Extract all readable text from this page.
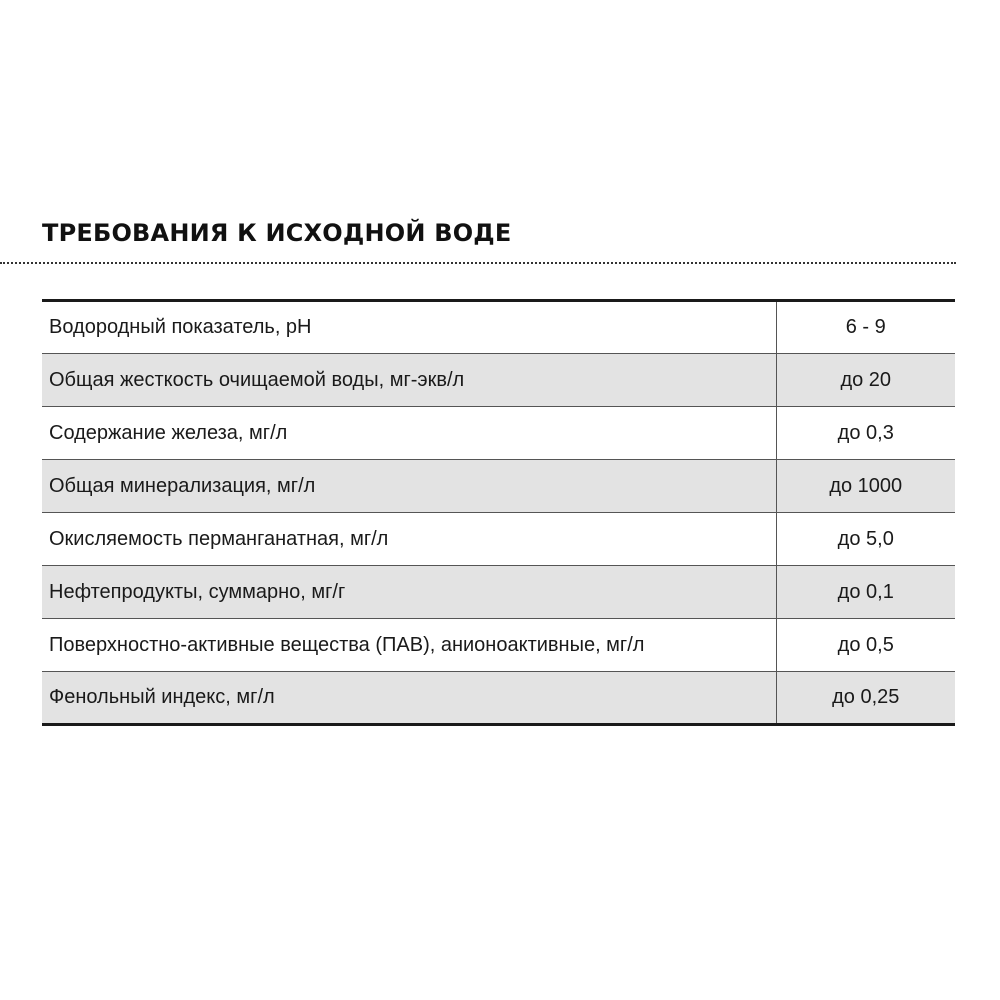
ТРЕБОВАНИЯ К ИСХОДНОЙ ВОДЕ
Водородный показатель, pH	6 - 9
Общая жесткость очищаемой воды, мг-экв/л	до 20
Содержание железа, мг/л	до 0,3
Общая минерализация, мг/л	до 1000
Окисляемость перманганатная, мг/л	до 5,0
Нефтепродукты, суммарно, мг/г	до 0,1
Поверхностно-активные вещества (ПАВ), анионоактивные, мг/л	до 0,5
Фенольный индекс, мг/л	до 0,25
